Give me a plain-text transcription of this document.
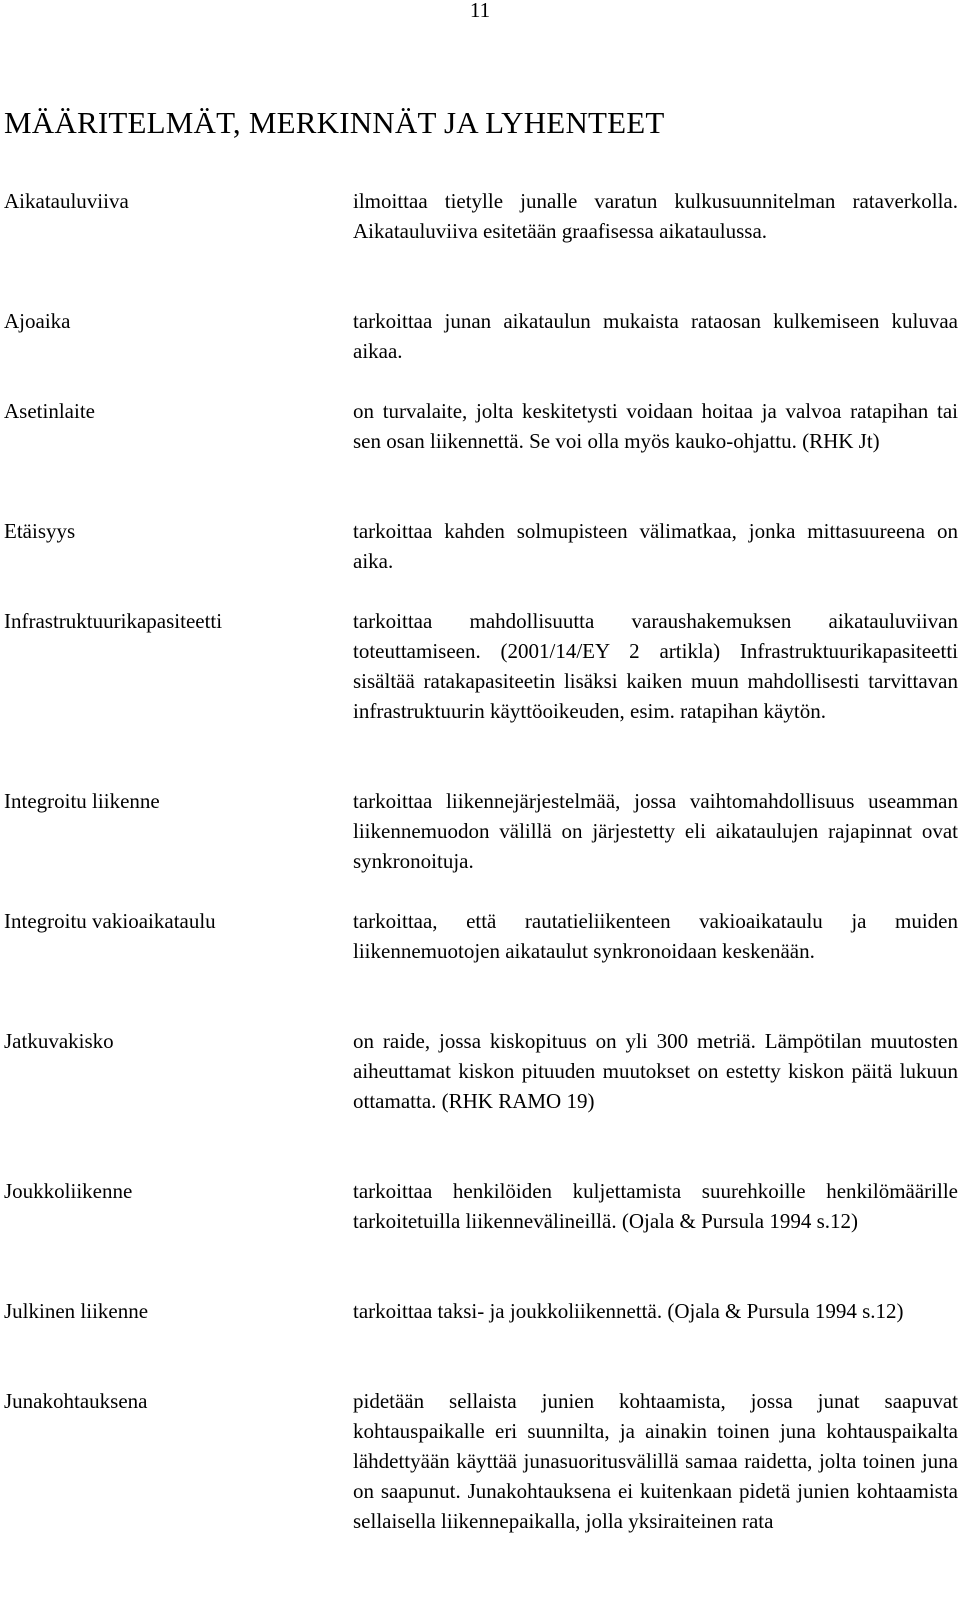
11
MÄÄRITELMÄT, MERKINNÄT JA LYHENTEET
Aikatauluviiva	ilmoittaa tietylle junalle varatun kulkusuunnitelman rataverkolla. Aikatauluviiva esitetään graafisessa aikataulussa.
Ajoaika	tarkoittaa junan aikataulun mukaista rataosan kulkemiseen kuluvaa aikaa.
Asetinlaite	on turvalaite, jolta keskitetysti voidaan hoitaa ja valvoa ratapihan tai sen osan liikennettä. Se voi olla myös kauko-ohjattu. (RHK Jt)
Etäisyys	tarkoittaa kahden solmupisteen välimatkaa, jonka mittasuureena on aika.
Infrastruktuurikapasiteetti	tarkoittaa mahdollisuutta varaushakemuksen aikatauluviivan toteuttamiseen. (2001/14/EY 2 artikla) Infrastruktuurikapasiteetti sisältää ratakapasiteetin lisäksi kaiken muun mahdollisesti tarvittavan infrastruktuurin käyttöoikeuden, esim. ratapihan käytön.
Integroitu liikenne	tarkoittaa liikennejärjestelmää, jossa vaihtomahdollisuus useamman liikennemuodon välillä on järjestetty eli aikataulujen rajapinnat ovat synkronoituja.
Integroitu vakioaikataulu	tarkoittaa, että rautatieliikenteen vakioaikataulu ja muiden liikennemuotojen aikataulut synkronoidaan keskenään.
Jatkuvakisko	on raide, jossa kiskopituus on yli 300 metriä. Lämpötilan muutosten aiheuttamat kiskon pituuden muutokset on estetty kiskon päitä lukuun ottamatta. (RHK RAMO 19)
Joukkoliikenne	tarkoittaa henkilöiden kuljettamista suurehkoille henkilömäärille tarkoitetuilla liikennevälineillä. (Ojala & Pursula 1994 s.12)
Julkinen liikenne	tarkoittaa taksi- ja joukkoliikennettä. (Ojala & Pursula 1994 s.12)
Junakohtauksena	pidetään sellaista junien kohtaamista, jossa junat saapuvat kohtauspaikalle eri suunnilta, ja ainakin toinen juna kohtauspaikalta lähdettyään käyttää junasuoritusvälillä samaa raidetta, jolta toinen juna on saapunut. Junakohtauksena ei kuitenkaan pidetä junien kohtaamista sellaisella liikennepaikalla, jolla yksiraiteinen rata
